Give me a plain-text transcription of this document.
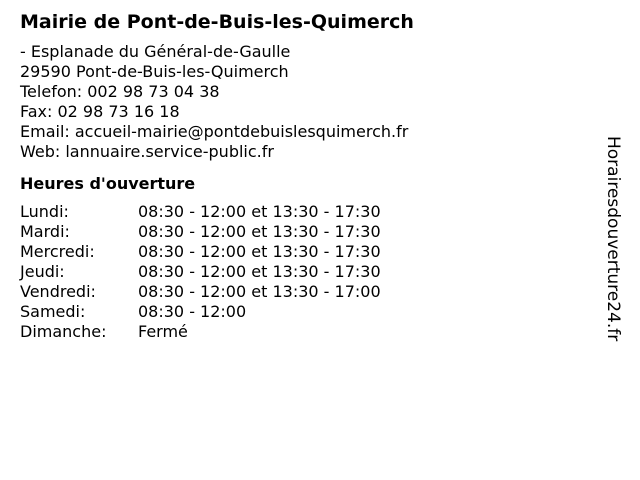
Mairie de Pont-de-Buis-les-Quimerch
- Esplanade du Général-de-Gaulle
29590 Pont-de-Buis-les-Quimerch
Telefon: 002 98 73 04 38
Fax: 02 98 73 16 18
Email: accueil-mairie@pontdebuislesquimerch.fr
Web: lannuaire.service-public.fr
Heures d'ouverture
Lundi:	08:30 - 12:00 et 13:30 - 17:30
Mardi:	08:30 - 12:00 et 13:30 - 17:30
Mercredi:	08:30 - 12:00 et 13:30 - 17:30
Jeudi:	08:30 - 12:00 et 13:30 - 17:30
Vendredi:	08:30 - 12:00 et 13:30 - 17:00
Samedi:	08:30 - 12:00
Dimanche:	Fermé	Horairesdouverture24.fr
